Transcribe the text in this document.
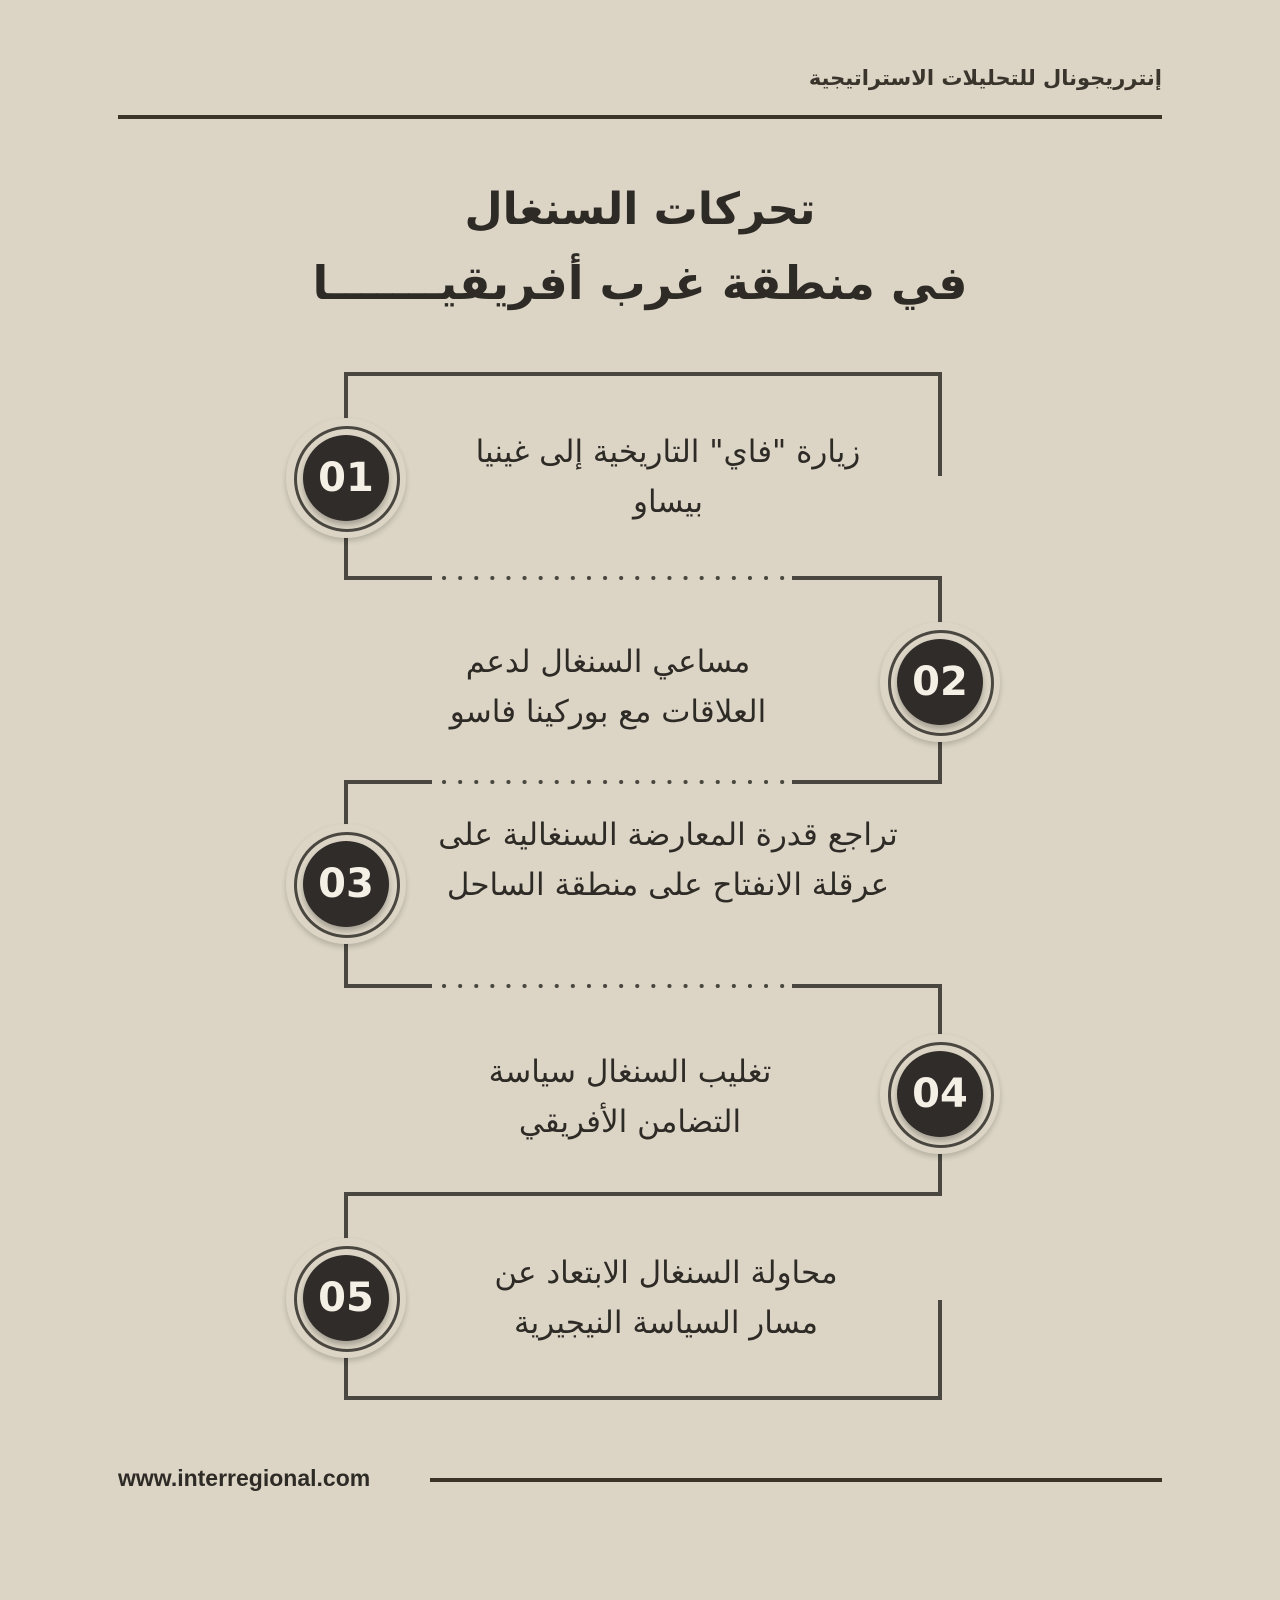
إنترريجونال للتحليلات الاستراتيجية
تحركات السنغال
في منطقة غرب أفريقيـــــــا
01
زيارة "فاي" التاريخية إلى غينيا بيساو
02
مساعي السنغال لدعم العلاقات مع بوركينا فاسو
03
تراجع قدرة المعارضة السنغالية على عرقلة الانفتاح على منطقة الساحل
04
تغليب السنغال سياسة التضامن الأفريقي
05
محاولة السنغال الابتعاد عن مسار السياسة النيجيرية
www.interregional.com
